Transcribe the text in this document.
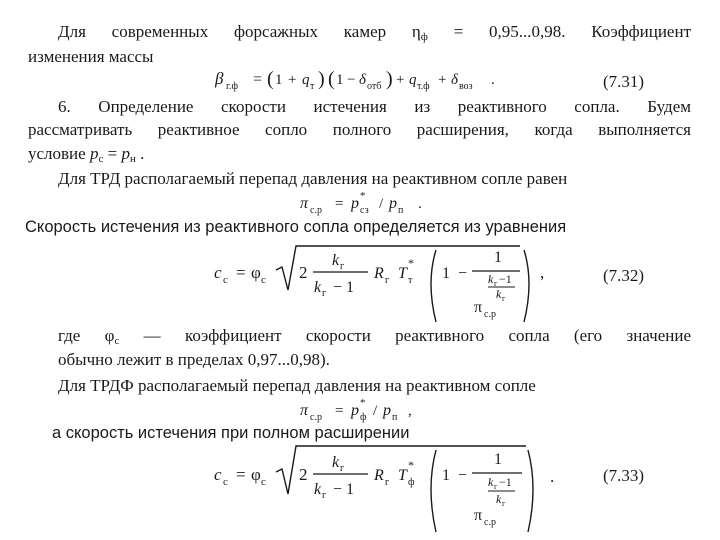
Для современных форсажных камер $\eta_ф = 0,95...0,98$. Коэффициент
изменения массы
β г.ф = ( 1 + q т ) ( 1 − δ отб ) + q т.ф + δ воз .	(7.31)
6. Определение скорости истечения из реактивного сопла. Будем
рассматривать реактивное сопло полного расширения, когда выполняется
условие $p_с = p_н$ .
Для ТРД располагаемый перепад давления на реактивном сопле равен
π с.р = p *
сз / p п .
Скорость истечения из реактивного сопла определяется из уравнения
c с = φ с 2
k г
k г − 1
R г T
*
т 1 −
1
k г −1
k г
π с.р
,	(7.32)
где $\varphi_с$ — коэффициент скорости реактивного сопла (его значение
обычно лежит в пределах 0,97...0,98).
Для ТРДФ располагаемый перепад давления на реактивном сопле
π с.р = p *
ф / p п ,
а скорость истечения при полном расширении
c с = φ с 2
k г
k г − 1
R г T
*
ф 1 −
1
k г −1
k г
π с.р
.	(7.33)
